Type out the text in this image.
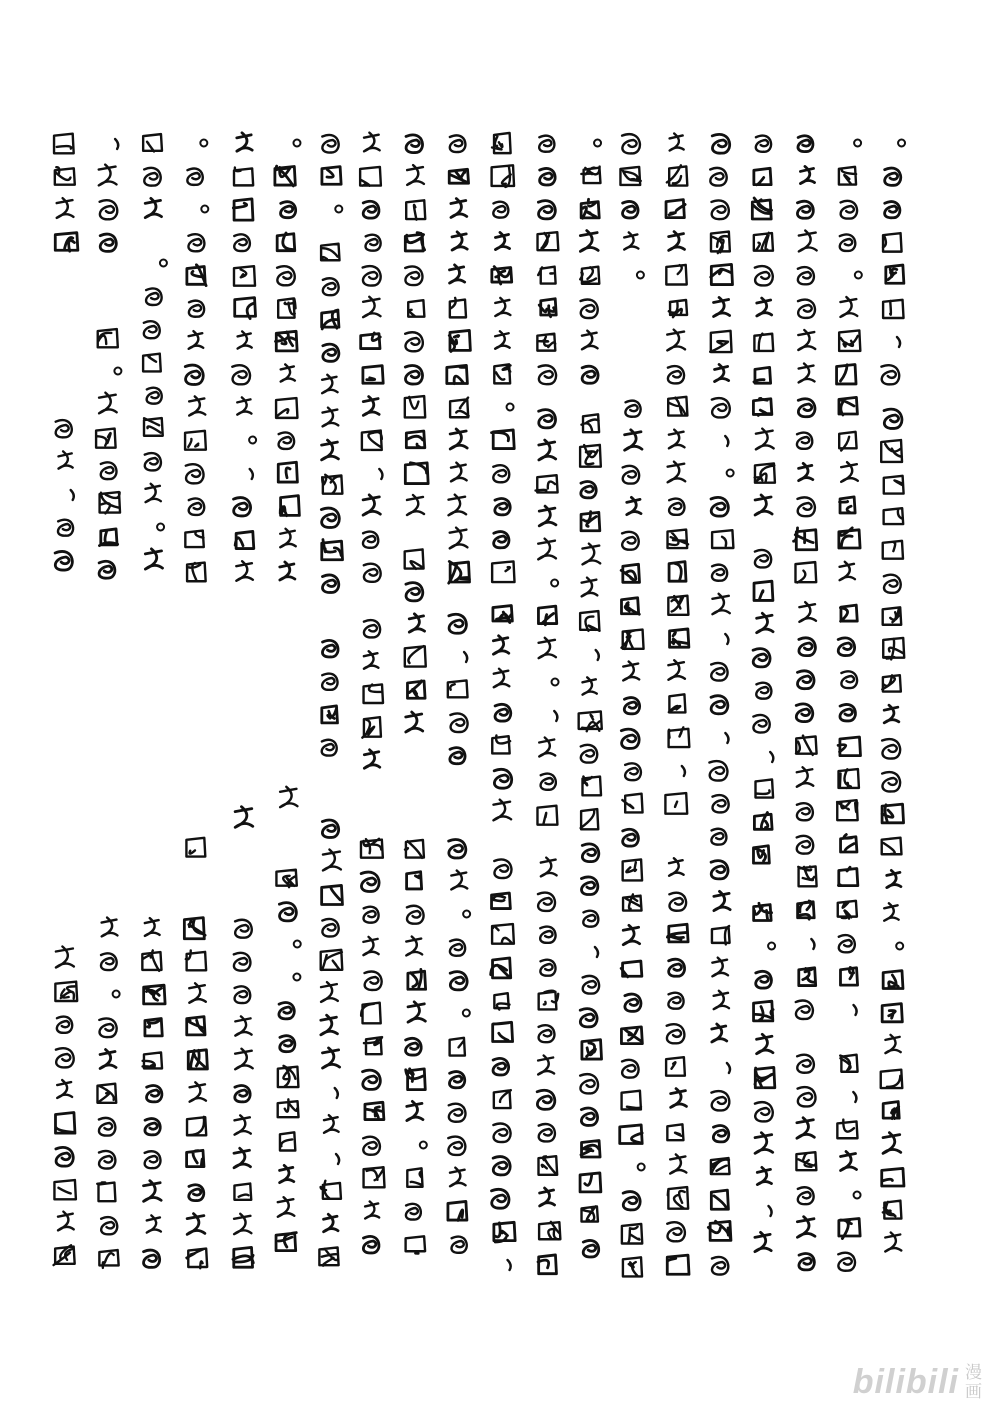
bilibili 漫
画
